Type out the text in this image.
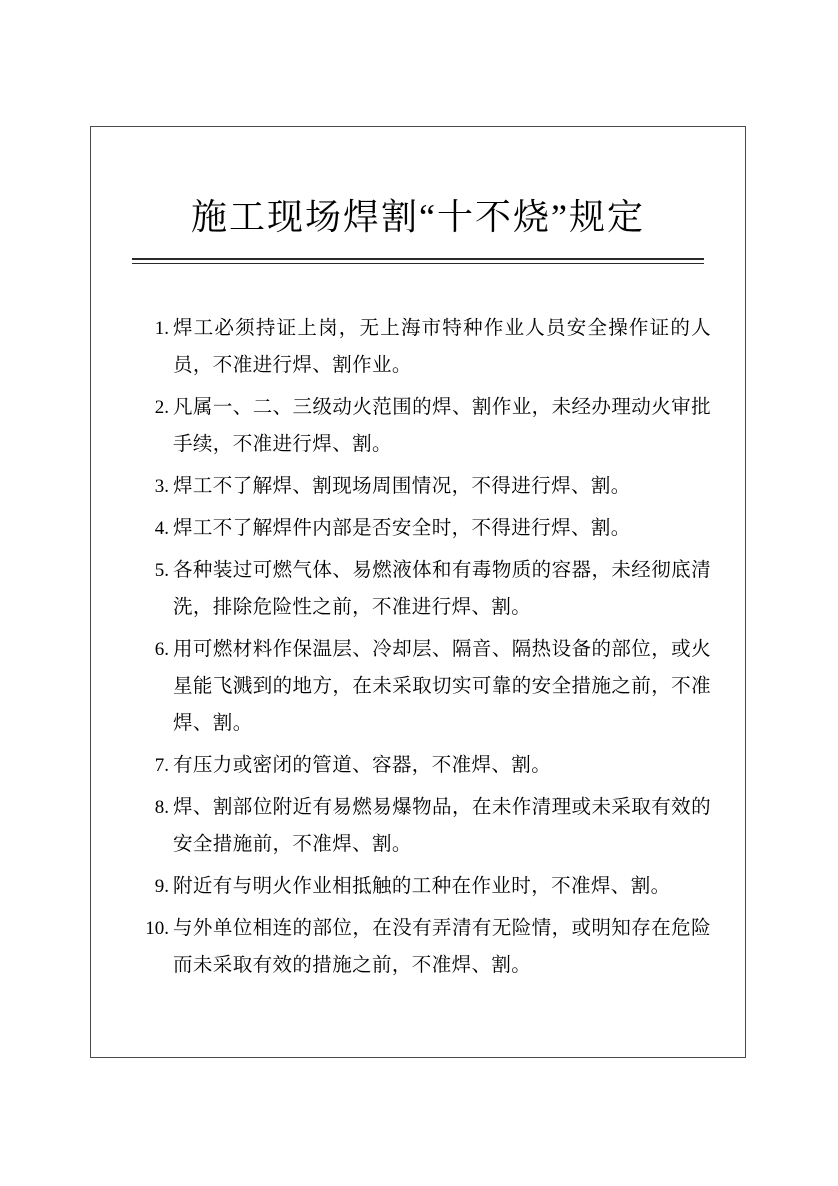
施工现场焊割“十不烧”规定
1. 焊工必须持证上岗，无上海市特种作业人员安全操作证的人员，不准进行焊、割作业。
2. 凡属一、二、三级动火范围的焊、割作业，未经办理动火审批手续，不准进行焊、割。
3. 焊工不了解焊、割现场周围情况，不得进行焊、割。
4. 焊工不了解焊件内部是否安全时，不得进行焊、割。
5. 各种装过可燃气体、易燃液体和有毒物质的容器，未经彻底清洗，排除危险性之前，不准进行焊、割。
6. 用可燃材料作保温层、冷却层、隔音、隔热设备的部位，或火星能飞溅到的地方，在未采取切实可靠的安全措施之前，不准焊、割。
7. 有压力或密闭的管道、容器，不准焊、割。
8. 焊、割部位附近有易燃易爆物品，在未作清理或未采取有效的安全措施前，不准焊、割。
9. 附近有与明火作业相抵触的工种在作业时，不准焊、割。
10. 与外单位相连的部位，在没有弄清有无险情，或明知存在危险而未采取有效的措施之前，不准焊、割。
